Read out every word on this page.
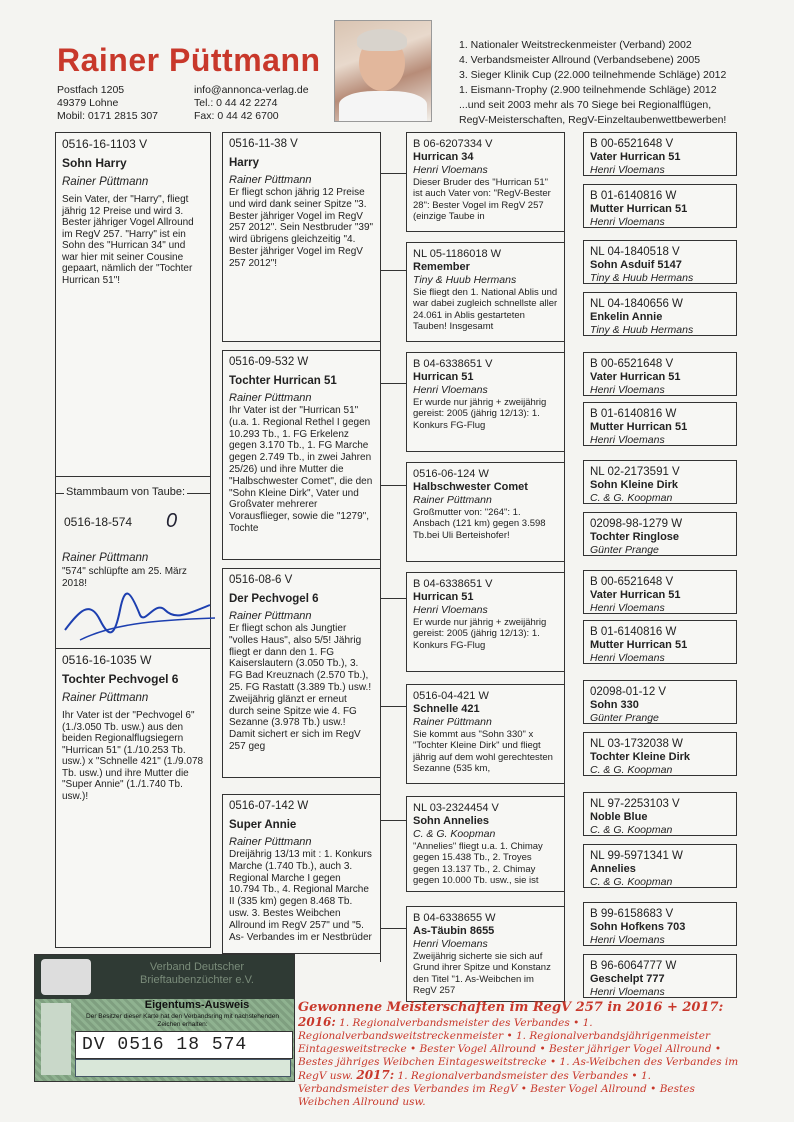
Rainer Püttmann
Postfach 1205
49379 Lohne
Mobil: 0171 2815 307
info@annonca-verlag.de
Tel.: 0 44 42 2274
Fax: 0 44 42 6700
1. Nationaler Weitstreckenmeister (Verband) 2002
4. Verbandsmeister Allround (Verbandsebene) 2005
3. Sieger Klinik Cup (22.000 teilnehmende Schläge) 2012
1. Eismann-Trophy (2.900 teilnehmende Schläge) 2012
...und seit 2003 mehr als 70 Siege bei Regionalflügen,
RegV-Meisterschaften, RegV-Einzeltaubenwettbewerben!
0516-16-1103 V
Sohn Harry
Rainer Püttmann
Sein Vater, der "Harry", fliegt jährig 12 Preise und wird 3. Bester jähriger Vogel Allround im RegV 257. "Harry" ist ein Sohn des "Hurrican 34" und war hier mit seiner Cousine gepaart, nämlich der "Tochter Hurrican 51"!
Stammbaum von Taube:
0516-18-574 0
Rainer Püttmann
"574" schlüpfte am 25. März 2018!
0516-16-1035 W
Tochter Pechvogel 6
Rainer Püttmann
Ihr Vater ist der "Pechvogel 6" (1./3.050 Tb. usw.) aus den beiden Regionalflugsiegern "Hurrican 51" (1./10.253 Tb. usw.) x "Schnelle 421" (1./9.078 Tb. usw.) und ihre Mutter die "Super Annie" (1./1.740 Tb. usw.)!
0516-11-38 V
Harry
Rainer Püttmann
Er fliegt schon jährig 12 Preise und wird dank seiner Spitze "3. Bester jähriger Vogel im RegV 257 2012". Sein Nestbruder "39" wird übrigens gleichzeitig "4. Bester jähriger Vogel im RegV 257 2012"!
0516-09-532 W
Tochter Hurrican 51
Rainer Püttmann
Ihr Vater ist der "Hurrican 51" (u.a. 1. Regional Rethel I gegen 10.293 Tb., 1. FG Erkelenz gegen 3.170 Tb., 1. FG Marche gegen 2.749 Tb., in zwei Jahren 25/26) und ihre Mutter die "Halbschwester Comet", die den "Sohn Kleine Dirk", Vater und Großvater mehrerer Vorausflieger, sowie die "1279", Tochte
0516-08-6 V
Der Pechvogel 6
Rainer Püttmann
Er fliegt schon als Jungtier "volles Haus", also 5/5! Jährig fliegt er dann den 1. FG Kaiserslautern (3.050 Tb.), 3. FG Bad Kreuznach (2.570 Tb.), 25. FG Rastatt (3.389 Tb.) usw.! Zweijährig glänzt er erneut durch seine Spitze wie 4. FG Sezanne (3.978 Tb.) usw.! Damit sichert er sich im RegV 257 geg
0516-07-142 W
Super Annie
Rainer Püttmann
Dreijährig 13/13 mit : 1. Konkurs Marche (1.740 Tb.), auch 3. Regional Marche I gegen 10.794 Tb., 4. Regional Marche II (335 km) gegen 8.468 Tb. usw. 3. Bestes Weibchen Allround im RegV 257" und "5. As- Verbandes im er Nestbrüder
B 06-6207334 V
Hurrican 34
Henri Vloemans
Dieser Bruder des "Hurrican 51" ist auch Vater von: "RegV-Bester 28": Bester Vogel im RegV 257 (einzige Taube in
NL 05-1186018 W
Remember
Tiny & Huub Hermans
Sie fliegt den 1. National Ablis und war dabei zugleich schnellste aller 24.061 in Ablis gestarteten Tauben! Insgesamt
B 04-6338651 V
Hurrican 51
Henri Vloemans
Er wurde nur jährig + zweijährig gereist: 2005 (jährig 12/13): 1. Konkurs FG-Flug
0516-06-124 W
Halbschwester Comet
Rainer Püttmann
Großmutter von: "264": 1. Ansbach (121 km) gegen 3.598 Tb.bei Uli Berteishofer!
B 04-6338651 V
Hurrican 51
Henri Vloemans
Er wurde nur jährig + zweijährig gereist: 2005 (jährig 12/13): 1. Konkurs FG-Flug
0516-04-421 W
Schnelle 421
Rainer Püttmann
Sie kommt aus "Sohn 330" x "Tochter Kleine Dirk" und fliegt jährig auf dem wohl gerechtesten Sezanne (535 km,
NL 03-2324454 V
Sohn Annelies
C. & G. Koopman
"Annelies" fliegt u.a. 1. Chimay gegen 15.438 Tb., 2. Troyes gegen 13.137 Tb., 2. Chimay gegen 10.000 Tb. usw., sie ist
B 04-6338655 W
As-Täubin 8655
Henri Vloemans
Zweijährig sicherte sie sich auf Grund ihrer Spitze und Konstanz den Titel "1. As-Weibchen im RegV 257
B 00-6521648 V
Vater Hurrican 51
Henri Vloemans
B 01-6140816 W
Mutter Hurrican 51
Henri Vloemans
NL 04-1840518 V
Sohn Asduif 5147
Tiny & Huub Hermans
NL 04-1840656 W
Enkelin Annie
Tiny & Huub Hermans
B 00-6521648 V
Vater Hurrican 51
Henri Vloemans
B 01-6140816 W
Mutter Hurrican 51
Henri Vloemans
NL 02-2173591 V
Sohn Kleine Dirk
C. & G. Koopman
02098-98-1279 W
Tochter Ringlose
Günter Prange
B 00-6521648 V
Vater Hurrican 51
Henri Vloemans
B 01-6140816 W
Mutter Hurrican 51
Henri Vloemans
02098-01-12 V
Sohn 330
Günter Prange
NL 03-1732038 W
Tochter Kleine Dirk
C. & G. Koopman
NL 97-2253103 V
Noble Blue
C. & G. Koopman
NL 99-5971341 W
Annelies
C. & G. Koopman
B 99-6158683 V
Sohn Hofkens 703
Henri Vloemans
B 96-6064777 W
Geschelpt 777
Henri Vloemans
Gewonnene Meisterschaften im RegV 257 in 2016 + 2017:
2016: 1. Regionalverbandsmeister des Verbandes • 1. Regionalverbandsweitstreckenmeister • 1. Regionalverbandsjährigenmeister Eintagesweitstrecke • Bester Vogel Allround • Bester jähriger Vogel Allround • Bestes jähriges Weibchen Eintagesweitstrecke • 1. As-Weibchen des Verbandes im RegV usw. 2017: 1. Regionalverbandsmeister des Verbandes • 1. Verbandsmeister des Verbandes im RegV • Bester Vogel Allround • Bestes Weibchen Allround usw.
Verband Deutscher
Brieftaubenzüchter e.V.
Eigentums-Ausweis
Der Besitzer dieser Karte hat den Verbandsring mit nachstehenden Zeichen erhalten:
DV 0516 18 574
